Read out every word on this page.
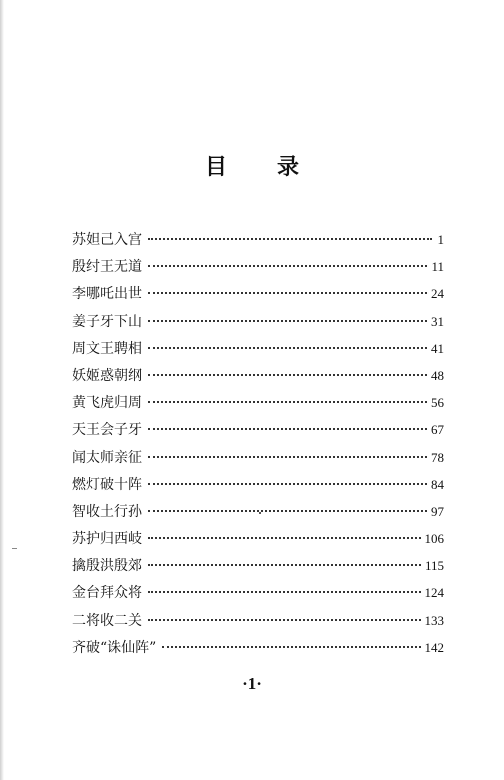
目 录
苏妲己入宫	1
殷纣王无道	11
李哪吒出世	24
姜子牙下山	31
周文王聘相	41
妖姬惑朝纲	48
黄飞虎归周	56
天王会子牙	67
闻太师亲征	78
燃灯破十阵	84
智收土行孙	97
苏护归西岐	106
擒殷洪殷郊	115
金台拜众将	124
二将收二关	133
齐破“诛仙阵”	142
·1·
